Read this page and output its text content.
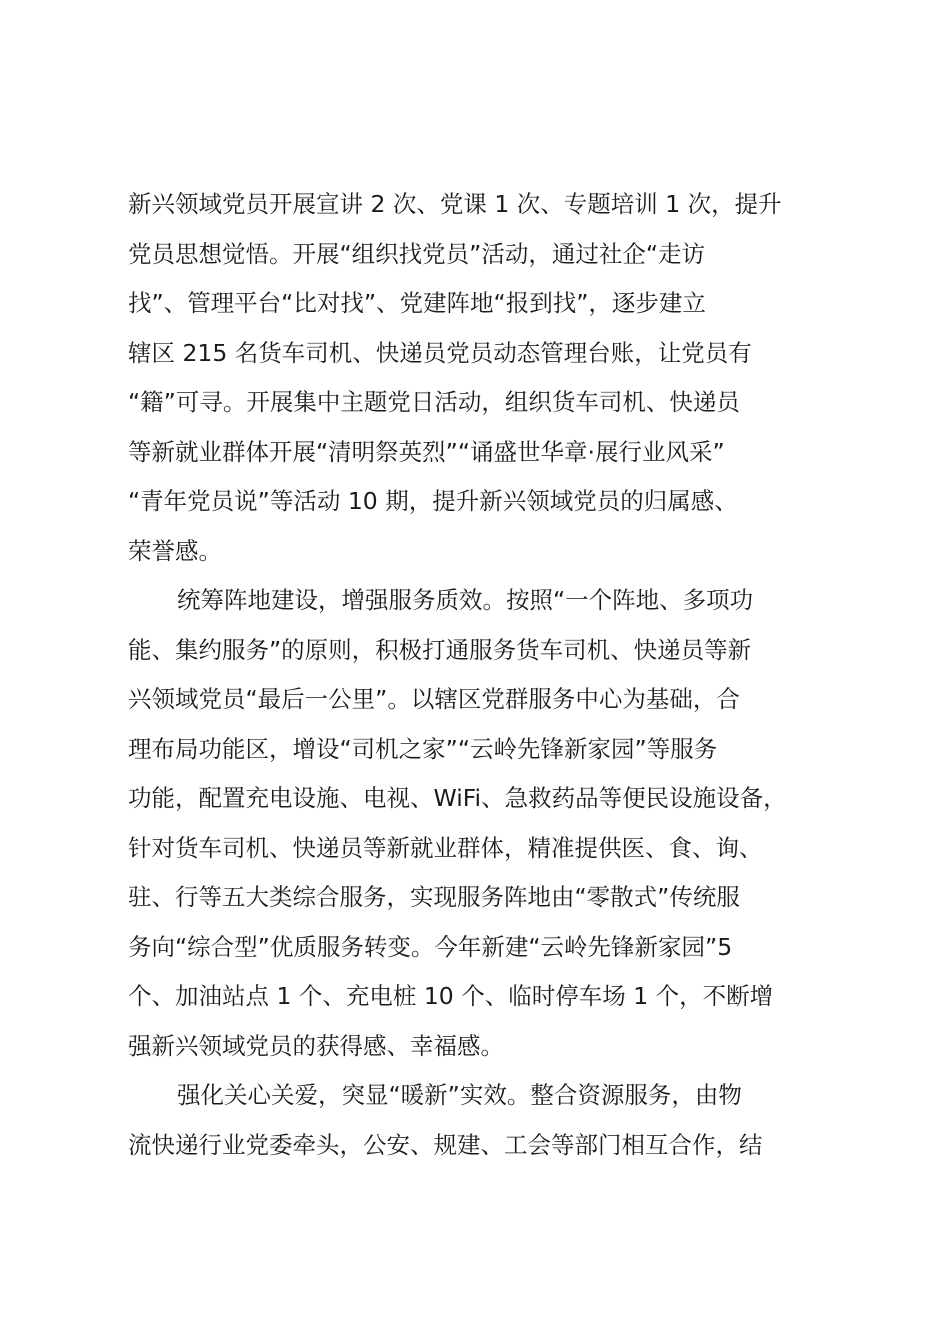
新兴领域党员开展宣讲 2 次、党课 1 次、专题培训 1 次，提升
党员思想觉悟。开展“组织找党员”活动，通过社企“走访
找”、管理平台“比对找”、党建阵地“报到找”，逐步建立
辖区 215 名货车司机、快递员党员动态管理台账，让党员有
“籍”可寻。开展集中主题党日活动，组织货车司机、快递员
等新就业群体开展“清明祭英烈”“诵盛世华章·展行业风采”
“青年党员说”等活动 10 期，提升新兴领域党员的归属感、
荣誉感。
统筹阵地建设，增强服务质效。按照“一个阵地、多项功
能、集约服务”的原则，积极打通服务货车司机、快递员等新
兴领域党员“最后一公里”。以辖区党群服务中心为基础，合
理布局功能区，增设“司机之家”“云岭先锋新家园”等服务
功能，配置充电设施、电视、WiFi、急救药品等便民设施设备，
针对货车司机、快递员等新就业群体，精准提供医、食、询、
驻、行等五大类综合服务，实现服务阵地由“零散式”传统服
务向“综合型”优质服务转变。今年新建“云岭先锋新家园”5
个、加油站点 1 个、充电桩 10 个、临时停车场 1 个，不断增
强新兴领域党员的获得感、幸福感。
强化关心关爱，突显“暖新”实效。整合资源服务，由物
流快递行业党委牵头，公安、规建、工会等部门相互合作，结
